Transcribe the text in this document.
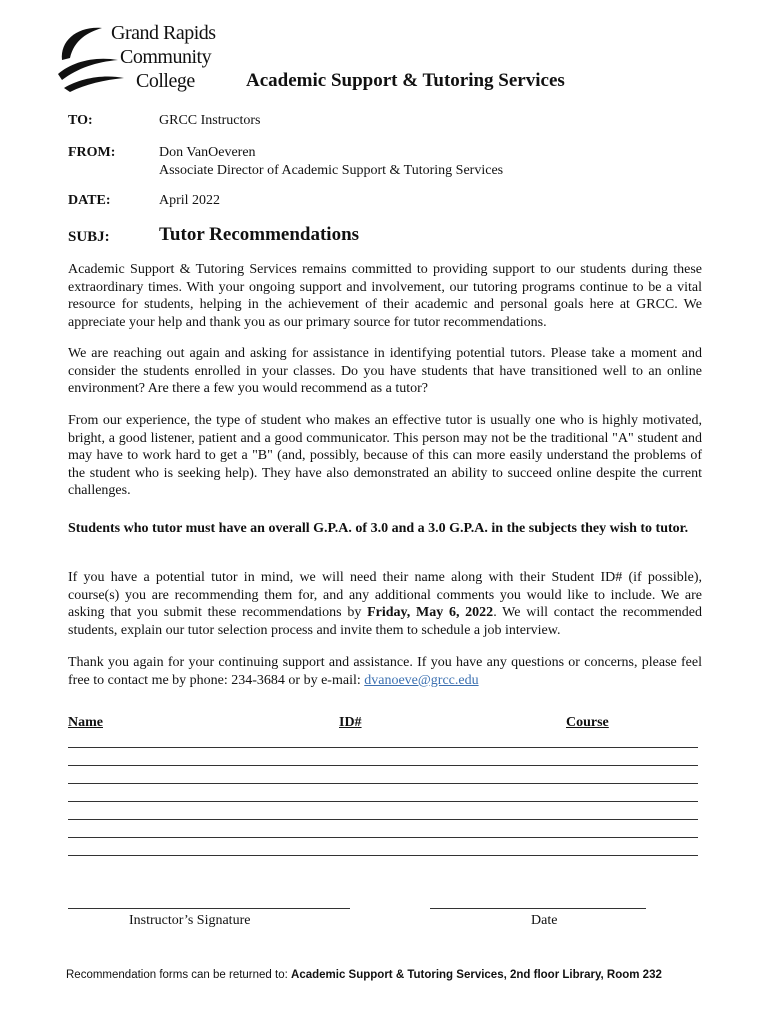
Grand Rapids
Community
College	Academic Support & Tutoring Services
TO:	GRCC Instructors
FROM:	Don VanOeveren
Associate Director of Academic Support & Tutoring Services
DATE:	April 2022
SUBJ:	Tutor Recommendations

Academic Support & Tutoring Services remains committed to providing support to our students during these extraordinary times. With your ongoing support and involvement, our tutoring programs continue to be a vital resource for students, helping in the achievement of their academic and personal goals here at GRCC. We appreciate your help and thank you as our primary source for tutor recommendations.

We are reaching out again and asking for assistance in identifying potential tutors. Please take a moment and consider the students enrolled in your classes. Do you have students that have transitioned well to an online environment? Are there a few you would recommend as a tutor?

From our experience, the type of student who makes an effective tutor is usually one who is highly motivated, bright, a good listener, patient and a good communicator. This person may not be the traditional "A" student and may have to work hard to get a "B" (and, possibly, because of this can more easily understand the problems of the student who is seeking help). They have also demonstrated an ability to succeed online despite the current challenges.

Students who tutor must have an overall G.P.A. of 3.0 and a 3.0 G.P.A. in the subjects they wish to tutor.

If you have a potential tutor in mind, we will need their name along with their Student ID# (if possible), course(s) you are recommending them for, and any additional comments you would like to include. We are asking that you submit these recommendations by Friday, May 6, 2022. We will contact the recommended students, explain our tutor selection process and invite them to schedule a job interview.

Thank you again for your continuing support and assistance. If you have any questions or concerns, please feel free to contact me by phone: 234-3684 or by e-mail: dvanoeve@grcc.edu

Name	ID#	Course
Instructor’s Signature	Date
Recommendation forms can be returned to: Academic Support & Tutoring Services, 2nd floor Library, Room 232
